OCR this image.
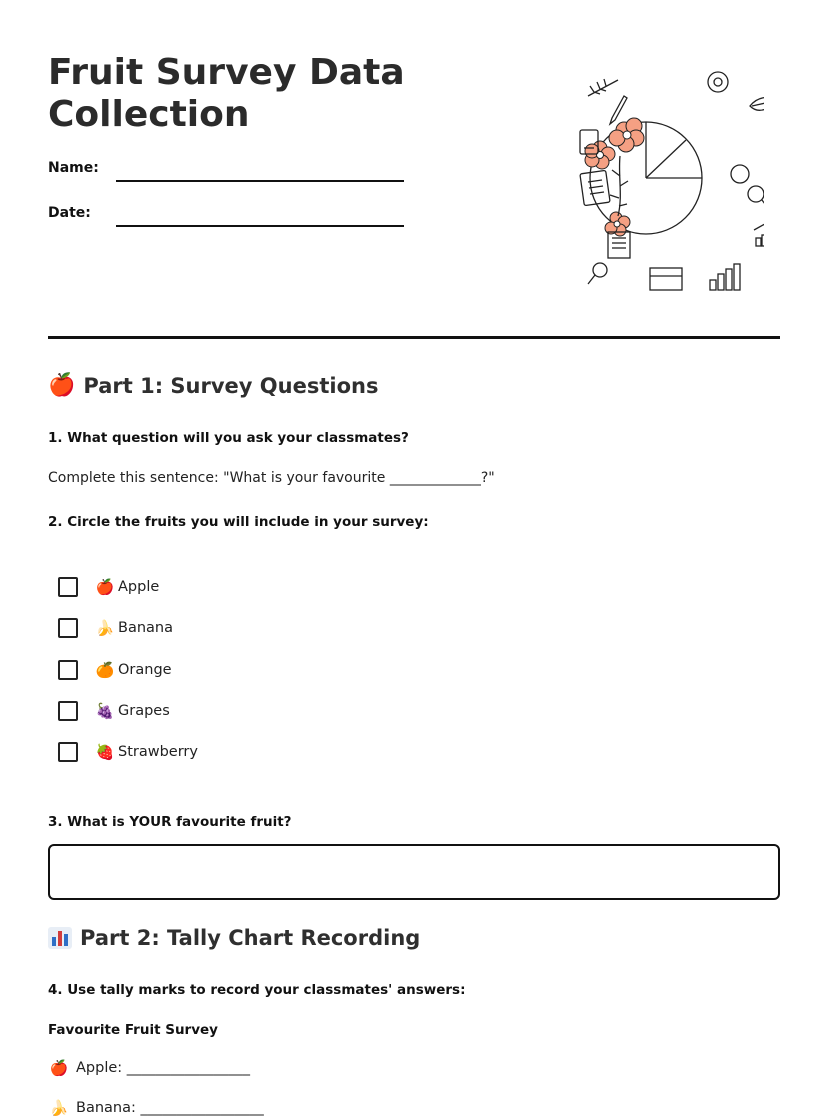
Fruit Survey Data Collection
Name:
Date:
🍎 Part 1: Survey Questions
1. What question will you ask your classmates?
Complete this sentence: "What is your favourite _____________?"
2. Circle the fruits you will include in your survey:
🍎 Apple
🍌 Banana
🍊 Orange
🍇 Grapes
🍓 Strawberry
3. What is YOUR favourite fruit?
Part 2: Tally Chart Recording
4. Use tally marks to record your classmates' answers:
Favourite Fruit Survey
🍎 Apple: _________________
🍌 Banana: _________________
